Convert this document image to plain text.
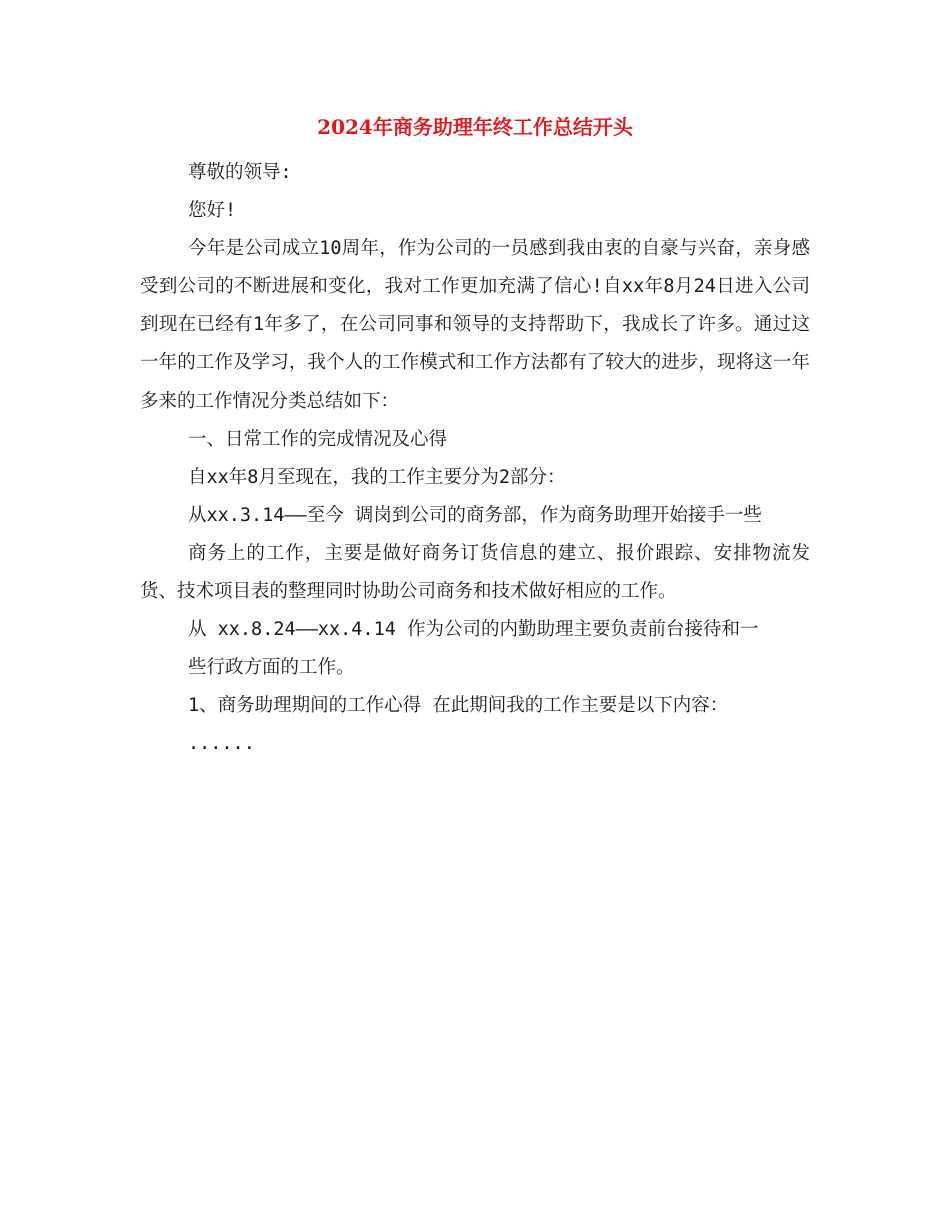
2024年商务助理年终工作总结开头

尊敬的领导:

您好!

今年是公司成立10周年，作为公司的一员感到我由衷的自豪与兴奋，亲身感受到公司的不断进展和变化，我对工作更加充满了信心!自xx年8月24日进入公司到现在已经有1年多了，在公司同事和领导的支持帮助下，我成长了许多。通过这一年的工作及学习，我个人的工作模式和工作方法都有了较大的进步，现将这一年多来的工作情况分类总结如下：

一、日常工作的完成情况及心得

自xx年8月至现在，我的工作主要分为2部分：

从xx.3.14——至今 调岗到公司的商务部，作为商务助理开始接手一些

商务上的工作，主要是做好商务订货信息的建立、报价跟踪、安排物流发货、技术项目表的整理同时协助公司商务和技术做好相应的工作。

从 xx.8.24——xx.4.14 作为公司的内勤助理主要负责前台接待和一

些行政方面的工作。

1、商务助理期间的工作心得 在此期间我的工作主要是以下内容：

......
